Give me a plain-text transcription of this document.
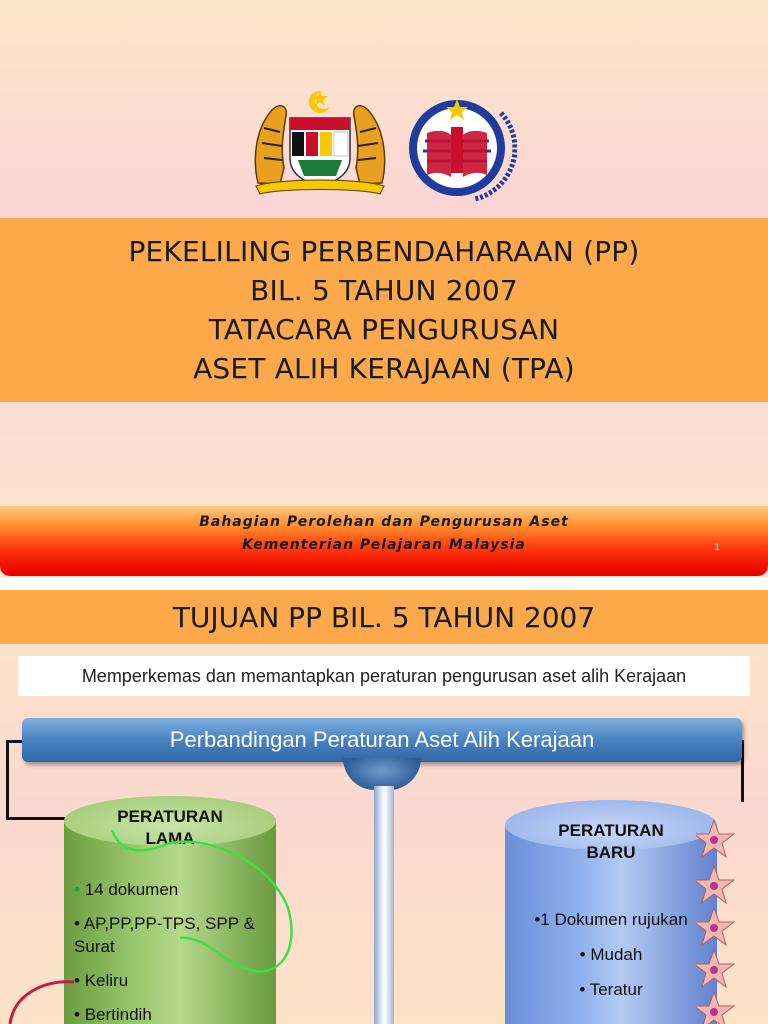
PEKELILING PERBENDAHARAAN (PP)
BIL. 5 TAHUN 2007
TATACARA PENGURUSAN
ASET ALIH KERAJAAN (TPA)
Bahagian Perolehan dan Pengurusan Aset
Kementerian Pelajaran Malaysia	1
TUJUAN PP BIL. 5 TAHUN 2007
Memperkemas dan memantapkan peraturan pengurusan aset alih Kerajaan
Perbandingan Peraturan Aset Alih Kerajaan
PERATURAN
LAMA
• 14 dokumen
• AP,PP,PP-TPS, SPP & Surat
• Keliru
• Bertindih
PERATURAN
BARU
•1 Dokumen rujukan
• Mudah
• Teratur
